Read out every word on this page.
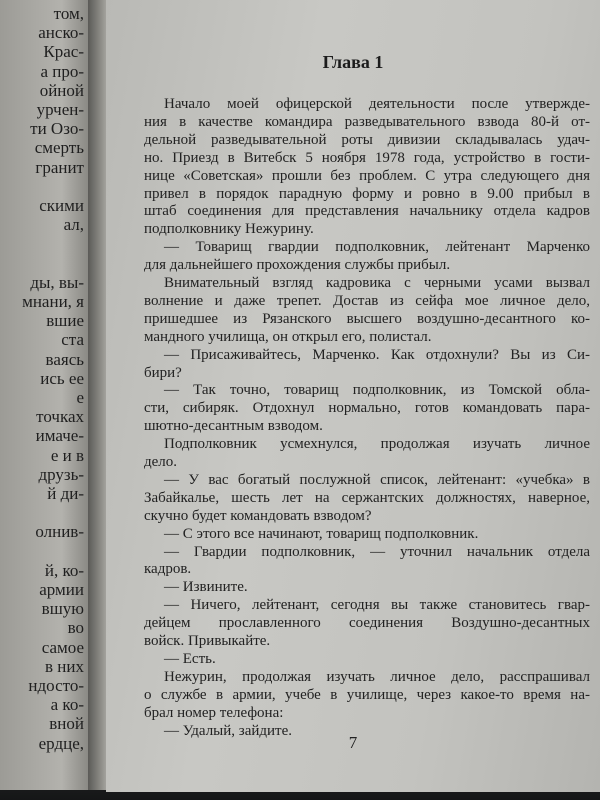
том,
анско-
Крас-
а про-
ойной
урчен-
ти Озо-
смерть
гранит
скими
ал,
ды, вы-
мнани, я
вшие
ста
ваясь
ись ее
е
точках
имаче-
е и в
друзь-
й ди-
олнив-
й, ко-
армии
вшую
во
самое
в них
ндосто-
а ко-
вной
ердце,
Глава 1
7
Начало моей офицерской деятельности после утвержде-
ния в качестве командира разведывательного взвода 80-й от-
дельной разведывательной роты дивизии складывалась удач-
но. Приезд в Витебск 5 ноября 1978 года, устройство в гости-
нице «Советская» прошли без проблем. С утра следующего дня
привел в порядок парадную форму и ровно в 9.00 прибыл в
штаб соединения для представления начальнику отдела кадров
подполковнику Нежурину.
— Товарищ гвардии подполковник, лейтенант Марченко
для дальнейшего прохождения службы прибыл.
Внимательный взгляд кадровика с черными усами вызвал
волнение и даже трепет. Достав из сейфа мое личное дело,
пришедшее из Рязанского высшего воздушно-десантного ко-
мандного училища, он открыл его, полистал.
— Присаживайтесь, Марченко. Как отдохнули? Вы из Си-
бири?
— Так точно, товарищ подполковник, из Томской обла-
сти, сибиряк. Отдохнул нормально, готов командовать пара-
шютно-десантным взводом.
Подполковник усмехнулся, продолжая изучать личное
дело.
— У вас богатый послужной список, лейтенант: «учебка» в
Забайкалье, шесть лет на сержантских должностях, наверное,
скучно будет командовать взводом?
— С этого все начинают, товарищ подполковник.
— Гвардии подполковник, — уточнил начальник отдела
кадров.
— Извините.
— Ничего, лейтенант, сегодня вы также становитесь гвар-
дейцем прославленного соединения Воздушно-десантных
войск. Привыкайте.
— Есть.
Нежурин, продолжая изучать личное дело, расспрашивал
о службе в армии, учебе в училище, через какое-то время на-
брал номер телефона:
— Удалый, зайдите.
